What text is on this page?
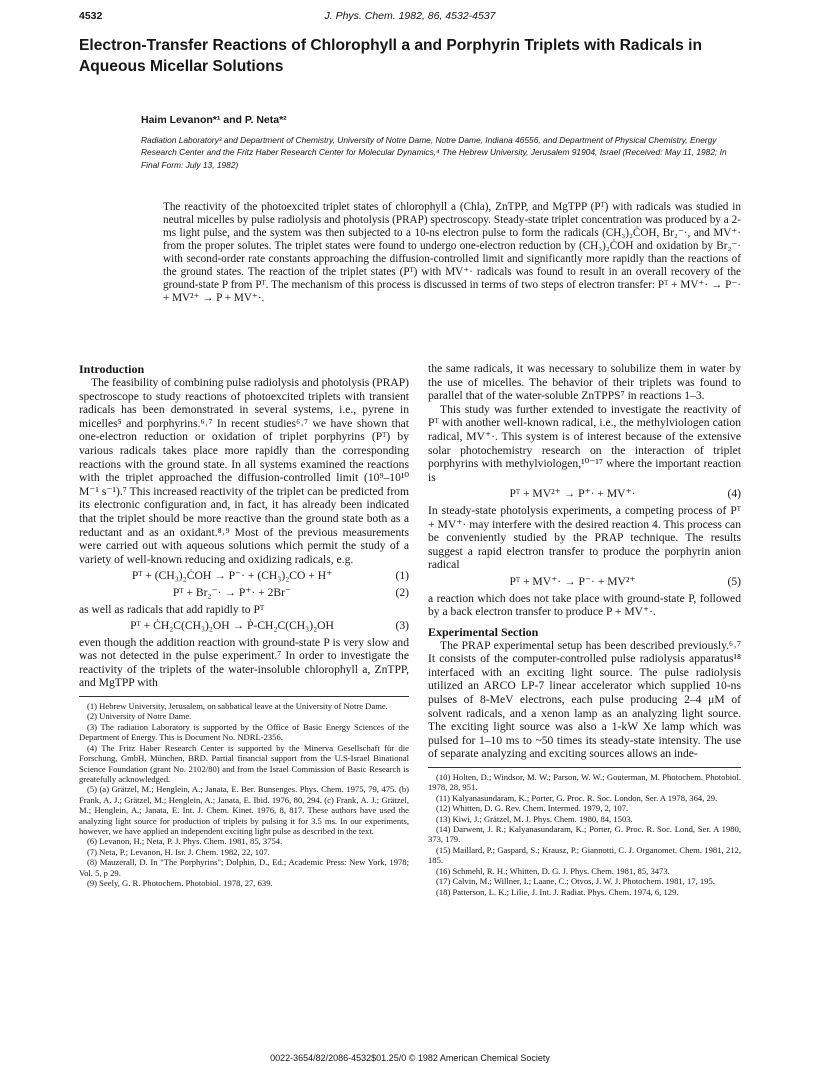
4532	J. Phys. Chem. 1982, 86, 4532-4537
Electron-Transfer Reactions of Chlorophyll a and Porphyrin Triplets with Radicals in Aqueous Micellar Solutions
Haim Levanon*¹ and P. Neta*²

Radiation Laboratory³ and Department of Chemistry, University of Notre Dame, Notre Dame, Indiana 46556, and Department of Physical Chemistry, Energy Research Center and the Fritz Haber Research Center for Molecular Dynamics,⁴ The Hebrew University, Jerusalem 91904, Israel (Received: May 11, 1982; In Final Form: July 13, 1982)

The reactivity of the photoexcited triplet states of chlorophyll a (Chla), ZnTPP, and MgTPP (Pᵀ) with radicals was studied in neutral micelles by pulse radiolysis and photolysis (PRAP) spectroscopy. Steady-state triplet concentration was produced by a 2-ms light pulse, and the system was then subjected to a 10-ns electron pulse to form the radicals (CH₃)₂ĊOH, Br₂⁻·, and MV⁺· from the proper solutes. The triplet states were found to undergo one-electron reduction by (CH₃)₂ĊOH and oxidation by Br₂⁻· with second-order rate constants approaching the diffusion-controlled limit and significantly more rapidly than the reactions of the ground states. The reaction of the triplet states (Pᵀ) with MV⁺· radicals was found to result in an overall recovery of the ground-state P from Pᵀ. The mechanism of this process is discussed in terms of two steps of electron transfer: Pᵀ + MV⁺· → P⁻· + MV²⁺ → P + MV⁺·.

Introduction

The feasibility of combining pulse radiolysis and photolysis (PRAP) spectroscope to study reactions of photoexcited triplets with transient radicals has been demonstrated in several systems, i.e., pyrene in micelles⁵ and porphyrins.⁶˒⁷ In recent studies⁶˒⁷ we have shown that one-electron reduction or oxidation of triplet porphyrins (Pᵀ) by various radicals takes place more rapidly than the corresponding reactions with the ground state. In all systems examined the reactions with the triplet approached the diffusion-controlled limit (10⁹–10¹⁰ M⁻¹ s⁻¹).⁷ This increased reactivity of the triplet can be predicted from its electronic configuration and, in fact, it has already been indicated that the triplet should be more reactive than the ground state both as a reductant and as an oxidant.⁸˒⁹ Most of the previous measurements were carried out with aqueous solutions which permit the study of a variety of well-known reducing and oxidizing radicals, e.g.

Pᵀ + (CH₃)₂ĊOH → P⁻· + (CH₃)₂CO + H⁺	(1)
Pᵀ + Br₂⁻· → P⁺· + 2Br⁻	(2)

as well as radicals that add rapidly to Pᵀ

Pᵀ + ĊH₂C(CH₃)₂OH → Ṗ-CH₂C(CH₃)₂OH	(3)

even though the addition reaction with ground-state P is very slow and was not detected in the pulse experiment.⁷ In order to investigate the reactivity of the triplets of the water-insoluble chlorophyll a, ZnTPP, and MgTPP with

(1) Hebrew University, Jerusalem, on sabbatical leave at the University of Notre Dame.

(2) University of Notre Dame.

(3) The radiation Laboratory is supported by the Office of Basic Energy Sciences of the Department of Energy. This is Document No. NDRL-2356.

(4) The Fritz Haber Research Center is supported by the Minerva Gesellschaft für die Forschung, GmbH, München, BRD. Partial financial support from the U.S-Israel Binational Science Foundation (grant No. 2102/80) and from the Israel Commission of Basic Research is greatefully acknowledged.

(5) (a) Grätzel, M.; Henglein, A.; Janata, E. Ber. Bunsenges. Phys. Chem. 1975, 79, 475. (b) Frank, A. J.; Grätzel, M.; Henglein, A.; Janata, E. Ibid. 1976, 80, 294. (c) Frank, A. J.; Grätzel, M.; Henglein, A.; Janata, E. Int. J. Chem. Kinet. 1976, 8, 817. These authors have used the analyzing light source for production of triplets by pulsing it for 3.5 ms. In our experiments, however, we have applied an independent exciting light pulse as described in the text.

(6) Levanon, H.; Neta, P. J. Phys. Chem. 1981, 85, 3754.

(7) Neta, P.; Levanon, H. Isr. J. Chem. 1982, 22, 107.

(8) Mauzerall, D. In "The Porphyrins"; Dolphin, D., Ed.; Academic Press: New York, 1978; Vol. 5, p 29.

(9) Seely, G. R. Photochem. Photobiol. 1978, 27, 639.

the same radicals, it was necessary to solubilize them in water by the use of micelles. The behavior of their triplets was found to parallel that of the water-soluble ZnTPPS⁷ in reactions 1–3.

This study was further extended to investigate the reactivity of Pᵀ with another well-known radical, i.e., the methylviologen cation radical, MV⁺·. This system is of interest because of the extensive solar photochemistry research on the interaction of triplet porphyrins with methylviologen,¹⁰⁻¹⁷ where the important reaction is

Pᵀ + MV²⁺ → P⁺· + MV⁺·	(4)

In steady-state photolysis experiments, a competing process of Pᵀ + MV⁺· may interfere with the desired reaction 4. This process can be conveniently studied by the PRAP technique. The results suggest a rapid electron transfer to produce the porphyrin anion radical

Pᵀ + MV⁺· → P⁻· + MV²⁺	(5)

a reaction which does not take place with ground-state P, followed by a back electron transfer to produce P + MV⁺·.

Experimental Section

The PRAP experimental setup has been described previously.⁶˒⁷ It consists of the computer-controlled pulse radiolysis apparatus¹⁸ interfaced with an exciting light source. The pulse radiolysis utilized an ARCO LP-7 linear accelerator which supplied 10-ns pulses of 8-MeV electrons, each pulse producing 2–4 μM of solvent radicals, and a xenon lamp as an analyzing light source. The exciting light source was also a 1-kW Xe lamp which was pulsed for 1–10 ms to ~50 times its steady-state intensity. The use of separate analyzing and exciting sources allows an inde-

(10) Holten, D.; Windsor, M. W.; Parson, W. W.; Gouterman, M. Photochem. Photobiol. 1978, 28, 951.

(11) Kalyanasundaram, K.; Porter, G. Proc. R. Soc. London, Ser. A 1978, 364, 29.

(12) Whitten, D. G. Rev. Chem. Intermed. 1979, 2, 107.

(13) Kiwi, J.; Grätzel, M. J. Phys. Chem. 1980, 84, 1503.

(14) Darwent, J. R.; Kalyanasundaram, K.; Porter, G. Proc. R. Soc. Lond, Ser. A 1980, 373, 179.

(15) Maillard, P.; Gaspard, S.; Krausz, P.; Giannotti, C. J. Organomet. Chem. 1981, 212, 185.

(16) Schmehl, R. H.; Whitten, D. G. J. Phys. Chem. 1981, 85, 3473.

(17) Calvin, M.; Willner, I.; Laane, C.; Otvos, J. W. J. Photochem. 1981, 17, 195.

(18) Patterson, L. K.; Lilie, J. Int. J. Radiat. Phys. Chem. 1974, 6, 129.

0022-3654/82/2086-4532$01.25/0 © 1982 American Chemical Society
